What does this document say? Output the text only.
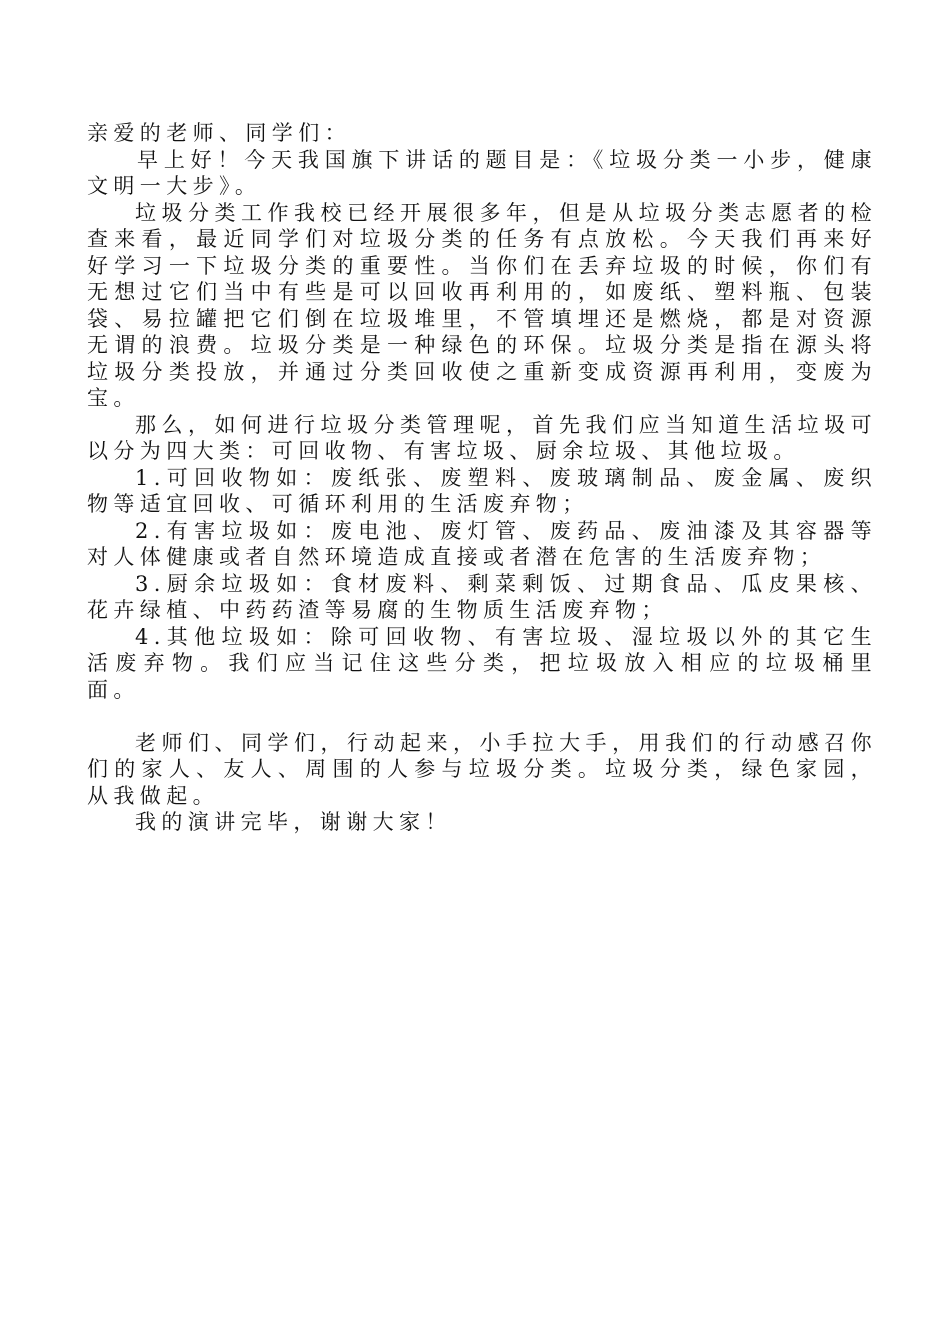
亲爱的老师、同学们：

早上好！今天我国旗下讲话的题目是：《垃圾分类一小步，健康文明一大步》。

垃圾分类工作我校已经开展很多年，但是从垃圾分类志愿者的检查来看，最近同学们对垃圾分类的任务有点放松。今天我们再来好好学习一下垃圾分类的重要性。当你们在丢弃垃圾的时候，你们有无想过它们当中有些是可以回收再利用的，如废纸、塑料瓶、包装袋、易拉罐把它们倒在垃圾堆里，不管填埋还是燃烧，都是对资源无谓的浪费。垃圾分类是一种绿色的环保。垃圾分类是指在源头将垃圾分类投放，并通过分类回收使之重新变成资源再利用，变废为宝。

那么，如何进行垃圾分类管理呢，首先我们应当知道生活垃圾可以分为四大类：可回收物、有害垃圾、厨余垃圾、其他垃圾。

1.可回收物如：废纸张、废塑料、废玻璃制品、废金属、废织物等适宜回收、可循环利用的生活废弃物；

2.有害垃圾如：废电池、废灯管、废药品、废油漆及其容器等对人体健康或者自然环境造成直接或者潜在危害的生活废弃物；

3.厨余垃圾如：食材废料、剩菜剩饭、过期食品、瓜皮果核、花卉绿植、中药药渣等易腐的生物质生活废弃物；

4.其他垃圾如：除可回收物、有害垃圾、湿垃圾以外的其它生活废弃物。我们应当记住这些分类，把垃圾放入相应的垃圾桶里面。

老师们、同学们，行动起来，小手拉大手，用我们的行动感召你们的家人、友人、周围的人参与垃圾分类。垃圾分类，绿色家园，从我做起。

我的演讲完毕，谢谢大家！
